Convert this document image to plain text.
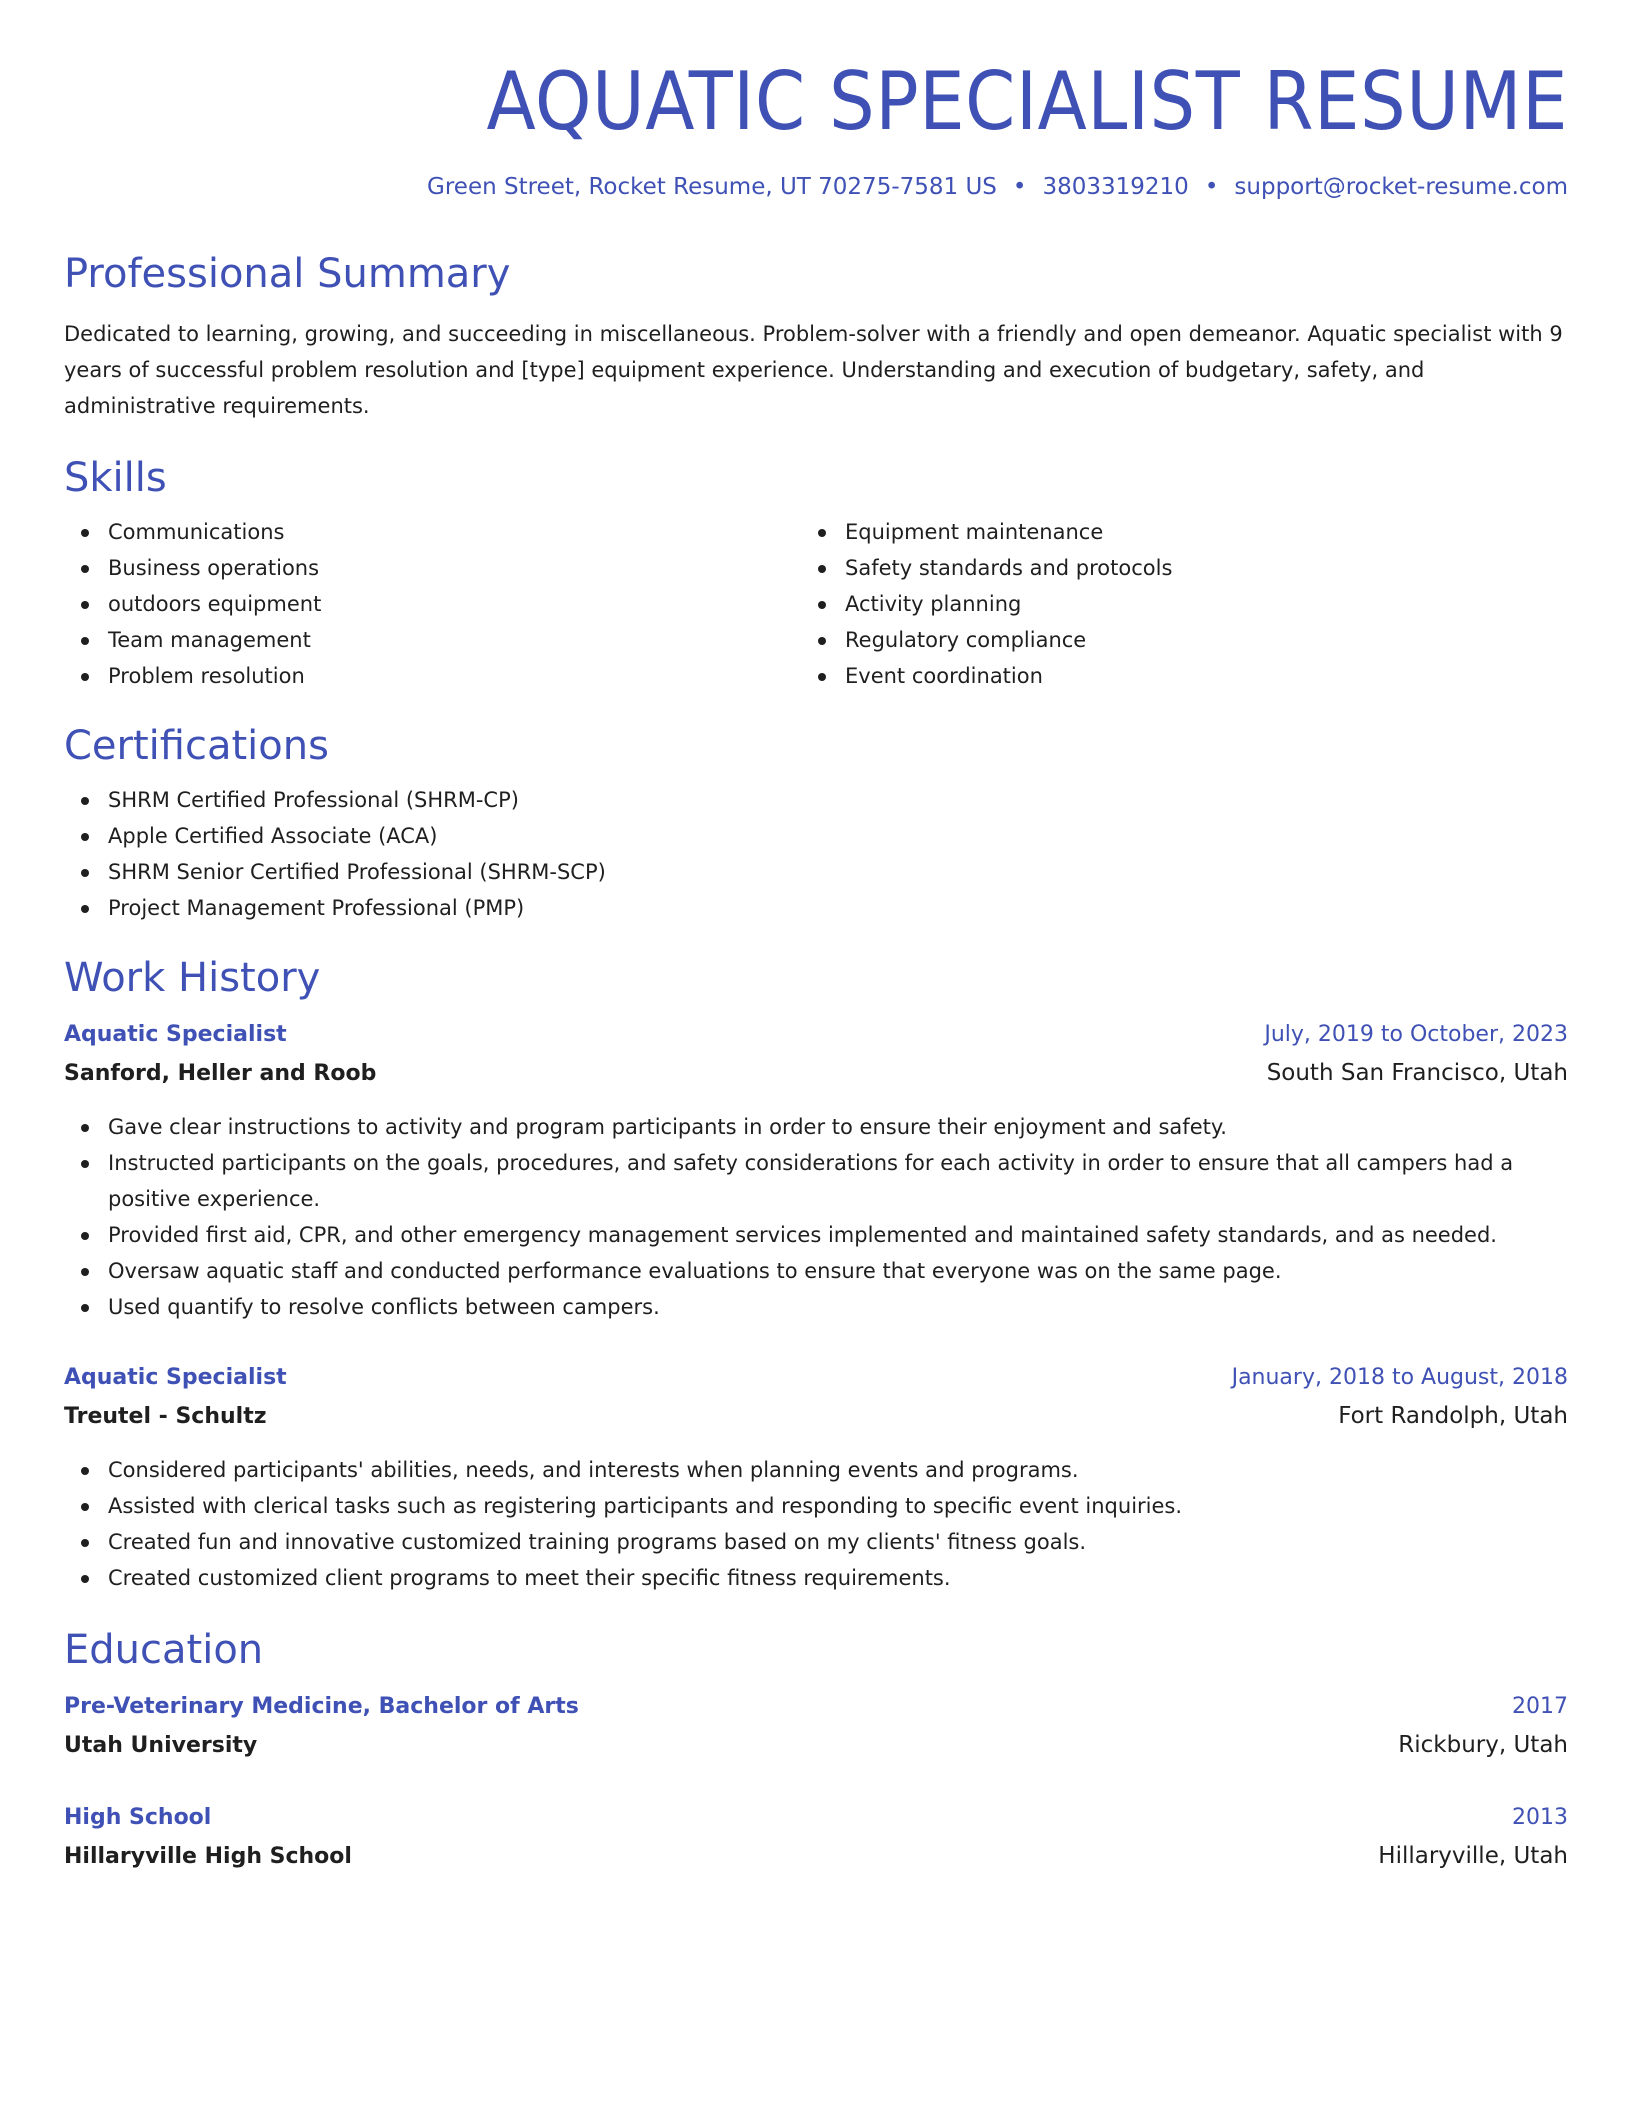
AQUATIC SPECIALIST RESUME
Green Street, Rocket Resume, UT 70275-7581 US • 3803319210 • support@rocket-resume.com
Professional Summary

Dedicated to learning, growing, and succeeding in miscellaneous. Problem-solver with a friendly and open demeanor. Aquatic specialist with 9 years of successful problem resolution and [type] equipment experience. Understanding and execution of budgetary, safety, and administrative requirements.

Skills
Communications
Business operations
outdoors equipment
Team management
Problem resolution
Equipment maintenance
Safety standards and protocols
Activity planning
Regulatory compliance
Event coordination
Certifications
SHRM Certified Professional (SHRM-CP)
Apple Certified Associate (ACA)
SHRM Senior Certified Professional (SHRM-SCP)
Project Management Professional (PMP)
Work History
Aquatic Specialist	July, 2019 to October, 2023
Sanford, Heller and Roob	South San Francisco, Utah
Gave clear instructions to activity and program participants in order to ensure their enjoyment and safety.
Instructed participants on the goals, procedures, and safety considerations for each activity in order to ensure that all campers had a positive experience.
Provided first aid, CPR, and other emergency management services implemented and maintained safety standards, and as needed.
Oversaw aquatic staff and conducted performance evaluations to ensure that everyone was on the same page.
Used quantify to resolve conflicts between campers.
Aquatic Specialist	January, 2018 to August, 2018
Treutel - Schultz	Fort Randolph, Utah
Considered participants' abilities, needs, and interests when planning events and programs.
Assisted with clerical tasks such as registering participants and responding to specific event inquiries.
Created fun and innovative customized training programs based on my clients' fitness goals.
Created customized client programs to meet their specific fitness requirements.
Education
Pre-Veterinary Medicine, Bachelor of Arts	2017
Utah University	Rickbury, Utah
High School	2013
Hillaryville High School	Hillaryville, Utah
